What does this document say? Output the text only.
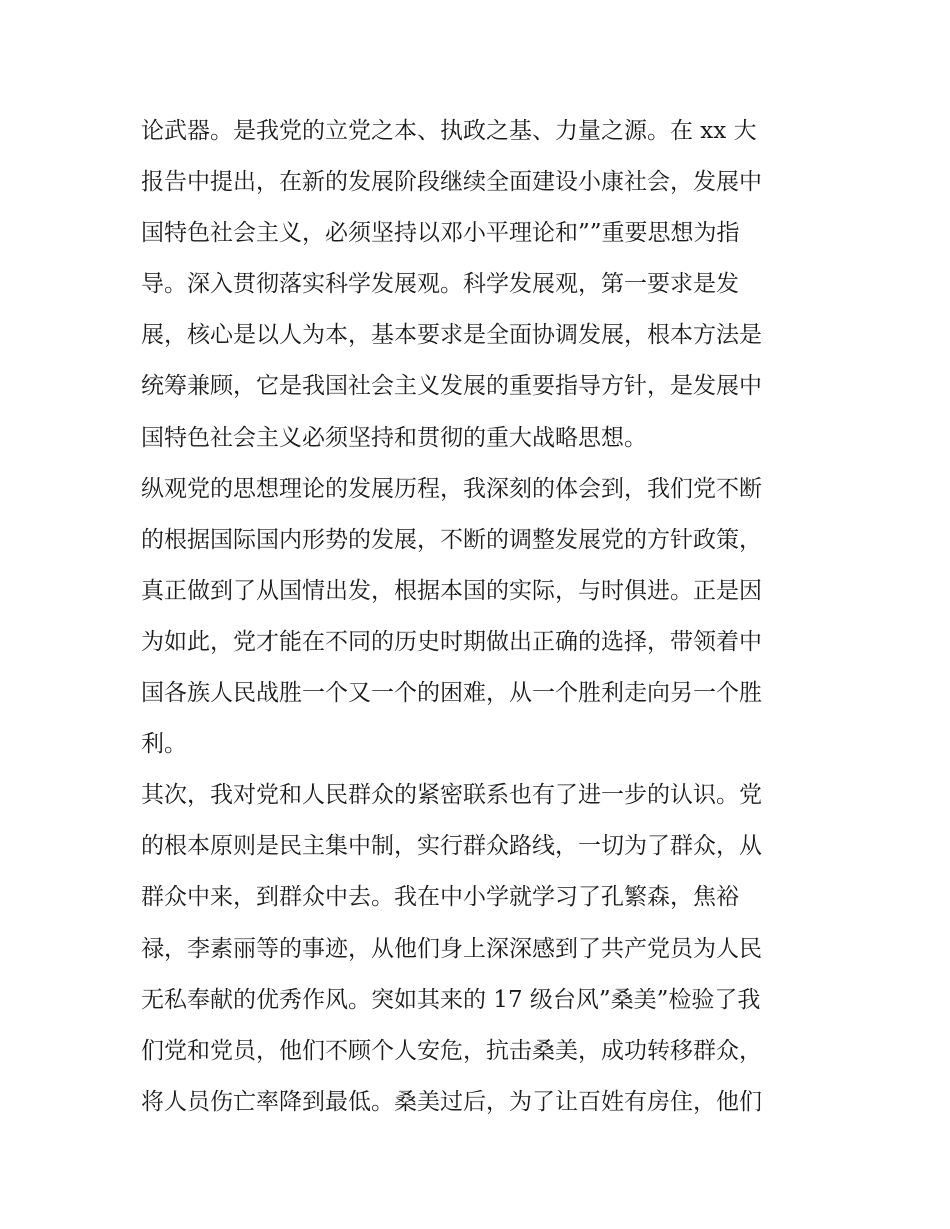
论武器。是我党的立党之本、执政之基、力量之源。在 xx 大
报告中提出，在新的发展阶段继续全面建设小康社会，发展中
国特色社会主义，必须坚持以邓小平理论和””重要思想为指
导。深入贯彻落实科学发展观。科学发展观，第一要求是发
展，核心是以人为本，基本要求是全面协调发展，根本方法是
统筹兼顾，它是我国社会主义发展的重要指导方针，是发展中
国特色社会主义必须坚持和贯彻的重大战略思想。
纵观党的思想理论的发展历程，我深刻的体会到，我们党不断
的根据国际国内形势的发展，不断的调整发展党的方针政策，
真正做到了从国情出发，根据本国的实际，与时俱进。正是因
为如此，党才能在不同的历史时期做出正确的选择，带领着中
国各族人民战胜一个又一个的困难，从一个胜利走向另一个胜
利。
其次，我对党和人民群众的紧密联系也有了进一步的认识。党
的根本原则是民主集中制，实行群众路线，一切为了群众，从
群众中来，到群众中去。我在中小学就学习了孔繁森，焦裕
禄，李素丽等的事迹，从他们身上深深感到了共产党员为人民
无私奉献的优秀作风。突如其来的 17 级台风”桑美”检验了我
们党和党员，他们不顾个人安危，抗击桑美，成功转移群众，
将人员伤亡率降到最低。桑美过后，为了让百姓有房住，他们
